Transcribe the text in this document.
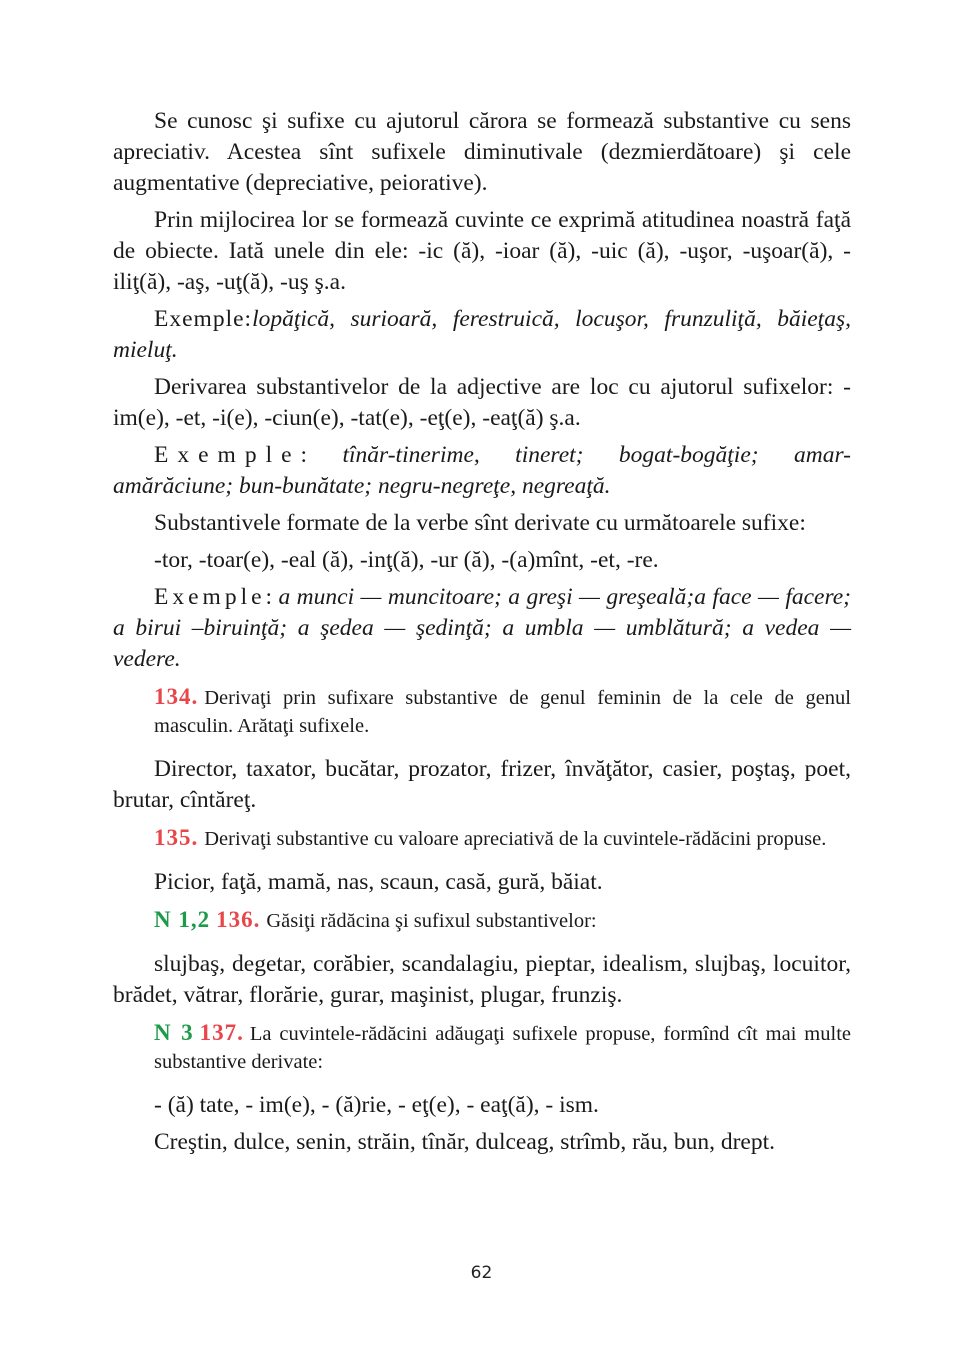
Se cunosc şi sufixe cu ajutorul cărora se formează substantive cu sens apreciativ. Acestea sînt sufixele diminutivale (dezmierdătoare) şi cele augmentative (depreciative, peiorative).

Prin mijlocirea lor se formează cuvinte ce exprimă atitudinea noastră faţă de obiecte. Iată unele din ele: -ic (ă), -ioar (ă), -uic (ă), -uşor, -uşoar(ă), -iliţ(ă), -aş, -uţ(ă), -uş ş.a.

Exemple:lopăţică, surioară, ferestruică, locuşor, frunzuliţă, băieţaş, mieluţ.

Derivarea substantivelor de la adjective are loc cu ajutorul sufixelor: -im(e), -et, -i(e), -ciun(e), -tat(e), -eţ(e), -eaţ(ă) ş.a.

Exemple: tînăr-tinerime, tineret; bogat-bogăţie; amar-amărăciune; bun-bunătate; negru-negreţe, negreaţă.

Substantivele formate de la verbe sînt derivate cu următoarele sufixe:

-tor, -toar(e), -eal (ă), -inţ(ă), -ur (ă), -(a)mînt, -et, -re.

Exemple: a munci — muncitoare; a greşi — greşeală;a face — facere; a birui –biruinţă; a şedea — şedinţă; a umbla — umblătură; a vedea — vedere.

134. Derivaţi prin sufixare substantive de genul feminin de la cele de genul masculin. Arătaţi sufixele.

Director, taxator, bucătar, prozator, frizer, învăţător, casier, poştaş, poet, brutar, cîntăreţ.

135. Derivaţi substantive cu valoare apreciativă de la cuvintele-rădăcini propuse.

Picior, faţă, mamă, nas, scaun, casă, gură, băiat.

N 1,2 136. Găsiţi rădăcina şi sufixul substantivelor:

slujbaş, degetar, corăbier, scandalagiu, pieptar, idealism, slujbaş, locuitor, brădet, vătrar, florărie, gurar, maşinist, plugar, frunziş.

N 3 137. La cuvintele-rădăcini adăugaţi sufixele propuse, formînd cît mai multe substantive derivate:

- (ă) tate, - im(e), - (ă)rie, - eţ(e), - eaţ(ă), - ism.

Creştin, dulce, senin, străin, tînăr, dulceag, strîmb, rău, bun, drept.

62
